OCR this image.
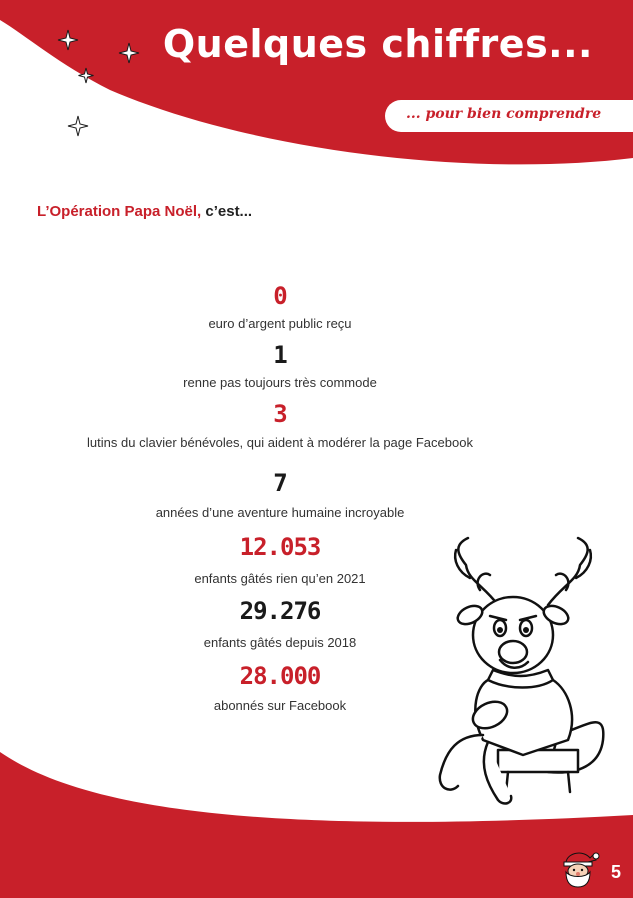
Quelques chiffres...
... pour bien comprendre

L’Opération Papa Noël, c’est...

0
euro d’argent public reçu
1
renne pas toujours très commode
3
lutins du clavier bénévoles, qui aident à modérer la page Facebook
7
années d’une aventure humaine incroyable
12.053
enfants gâtés rien qu’en 2021
29.276
enfants gâtés depuis 2018
28.000
abonnés sur Facebook
5
